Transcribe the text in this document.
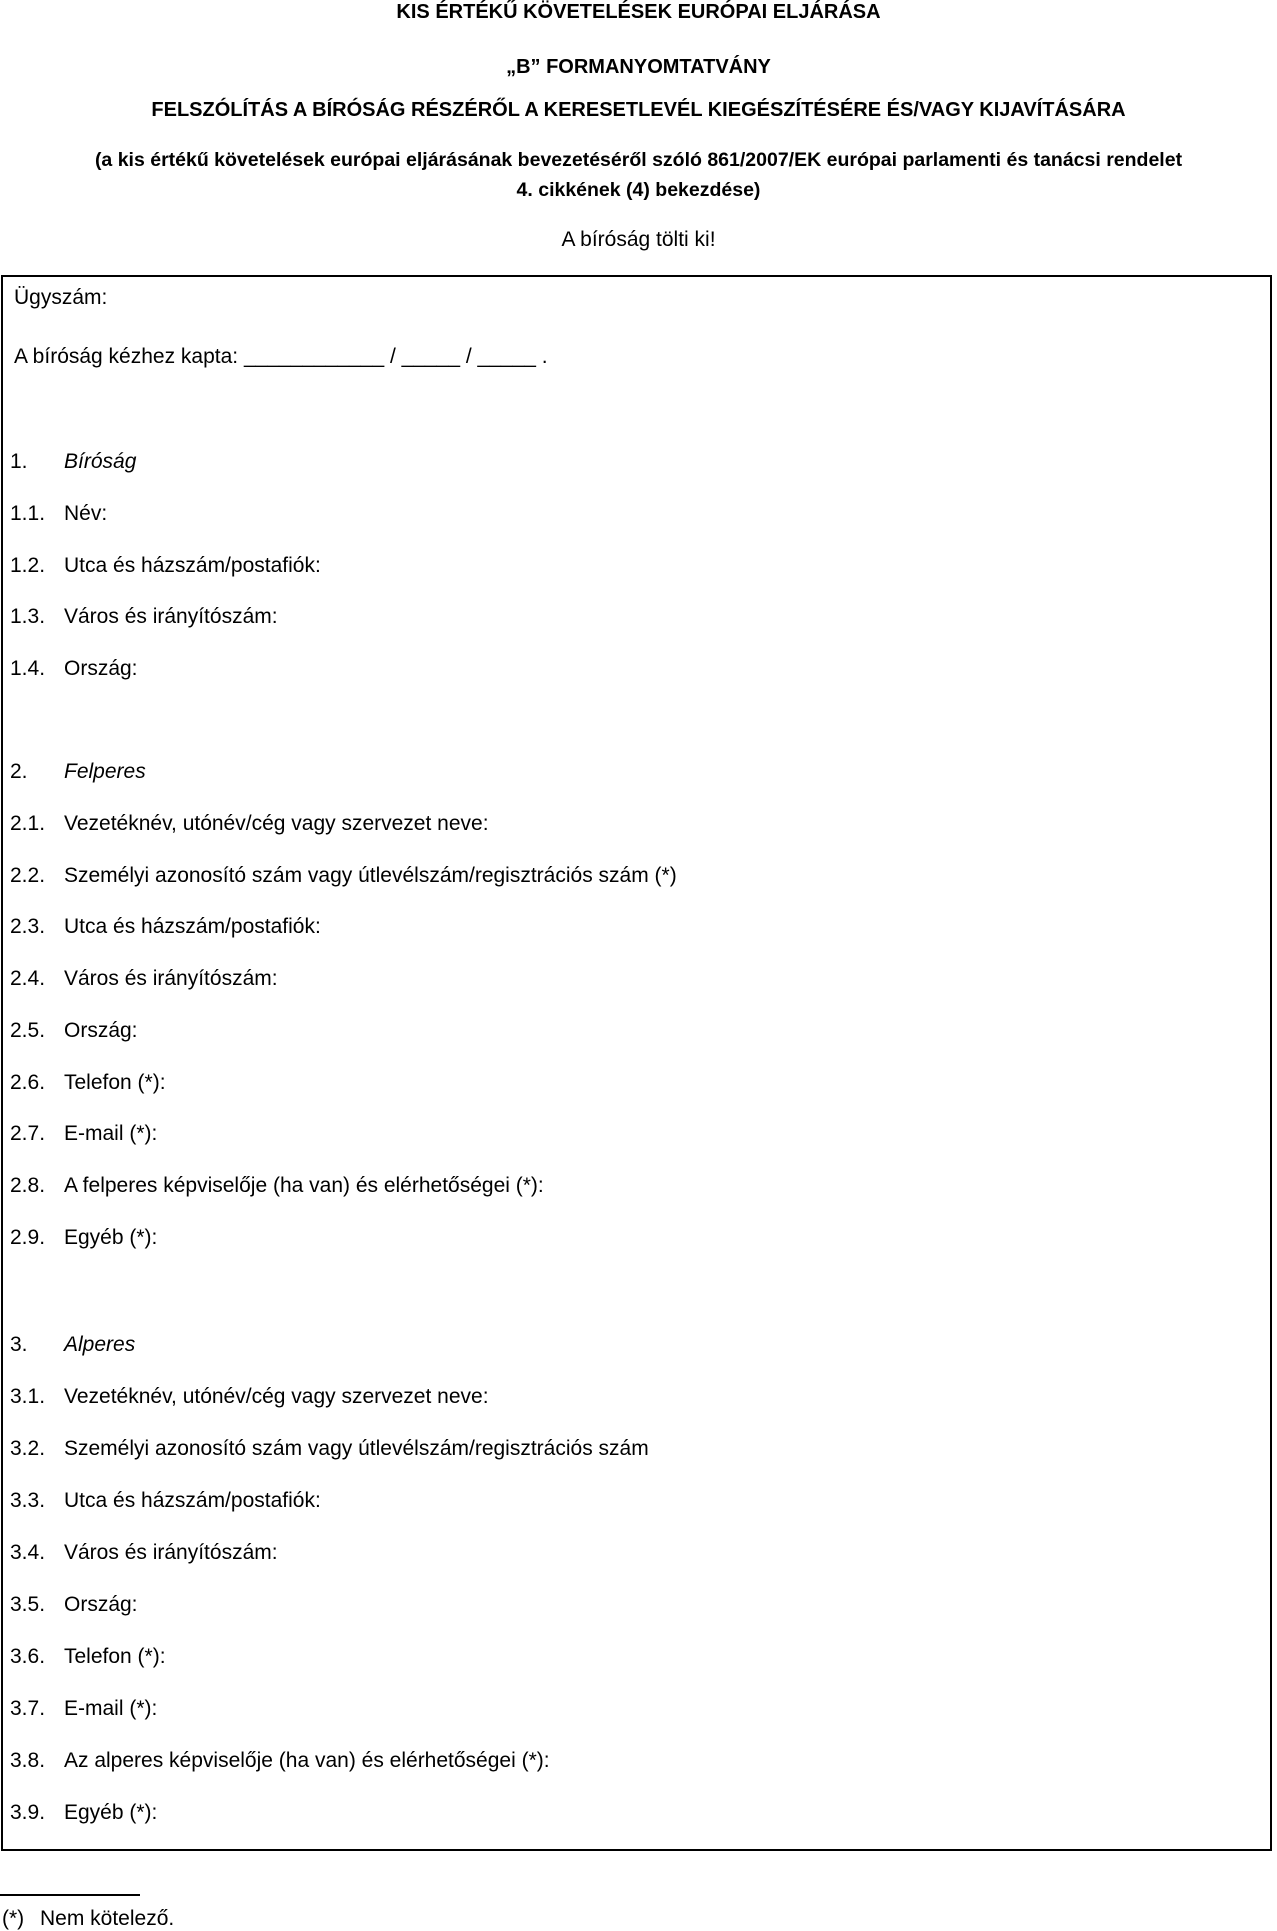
KIS ÉRTÉKŰ KÖVETELÉSEK EURÓPAI ELJÁRÁSA
„B” FORMANYOMTATVÁNY
FELSZÓLÍTÁS A BÍRÓSÁG RÉSZÉRŐL A KERESETLEVÉL KIEGÉSZÍTÉSÉRE ÉS/VAGY KIJAVÍTÁSÁRA
(a kis értékű követelések európai eljárásának bevezetéséről szóló 861/2007/EK európai parlamenti és tanácsi rendelet
4. cikkének (4) bekezdése)
A bíróság tölti ki!
Ügyszám:
A bíróság kézhez kapta: ____________ / _____ / _____ .
1. Bíróság
1.1. Név:
1.2. Utca és házszám/postafiók:
1.3. Város és irányítószám:
1.4. Ország:
2. Felperes
2.1. Vezetéknév, utónév/cég vagy szervezet neve:
2.2. Személyi azonosító szám vagy útlevélszám/regisztrációs szám (*)
2.3. Utca és házszám/postafiók:
2.4. Város és irányítószám:
2.5. Ország:
2.6. Telefon (*):
2.7. E-mail (*):
2.8. A felperes képviselője (ha van) és elérhetőségei (*):
2.9. Egyéb (*):
3. Alperes
3.1. Vezetéknév, utónév/cég vagy szervezet neve:
3.2. Személyi azonosító szám vagy útlevélszám/regisztrációs szám
3.3. Utca és házszám/postafiók:
3.4. Város és irányítószám:
3.5. Ország:
3.6. Telefon (*):
3.7. E-mail (*):
3.8. Az alperes képviselője (ha van) és elérhetőségei (*):
3.9. Egyéb (*):
(*) Nem kötelező.
